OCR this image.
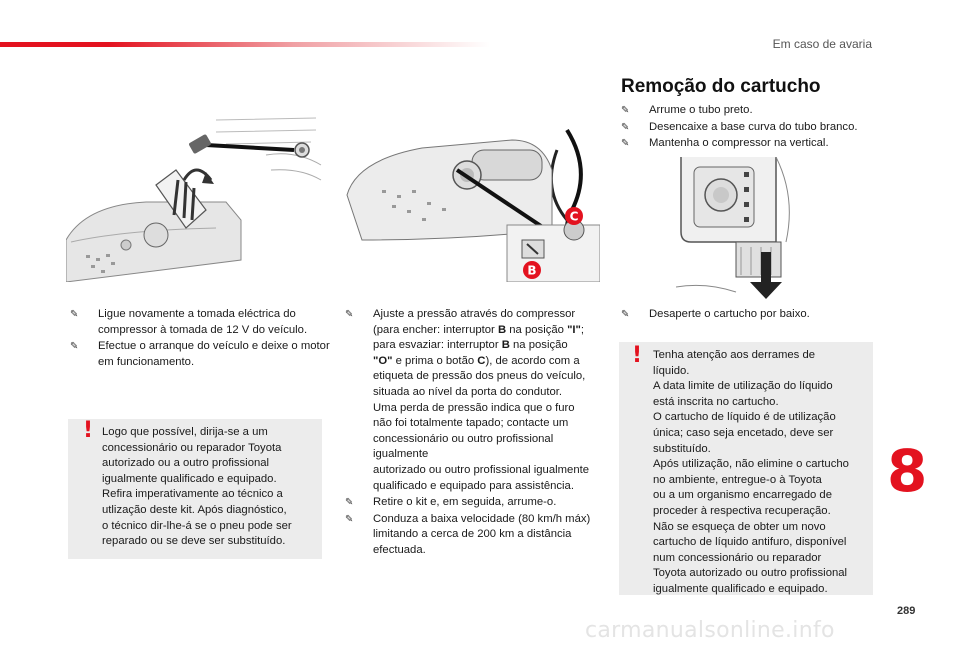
Em caso de avaria
C
B
✎ Ligue novamente a tomada eléctrica do compressor à tomada de 12 V do veículo.
✎ Efectue o arranque do veículo e deixe o motor em funcionamento.
! Logo que possível, dirija-se a um

concessionário ou reparador Toyota

autorizado ou a outro profissional

igualmente qualificado e equipado.

Refira imperativamente ao técnico a

utlização deste kit. Após diagnóstico,

o técnico dir-lhe-á se o pneu pode ser

reparado ou se deve ser substituído.

✎ Ajuste a pressão através do compressor
(para encher: interruptor B na posição "I";
para esvaziar: interruptor B na posição
"O" e prima o botão C), de acordo com a
etiqueta de pressão dos pneus do veículo,
situada ao nível da porta do condutor.
Uma perda de pressão indica que o furo
não foi totalmente tapado; contacte um
concessionário ou outro profissional igualmente
autorizado ou outro profissional igualmente
qualificado e equipado para assistência.
✎ Retire o kit e, em seguida, arrume-o.
✎ Conduza a baixa velocidade (80 km/h máx)
limitando a cerca de 200 km a distância
efectuada.
Remoção do cartucho
✎ Arrume o tubo preto.
✎ Desencaixe a base curva do tubo branco.
✎ Mantenha o compressor na vertical.
✎ Desaperte o cartucho por baixo.
! Tenha atenção aos derrames de

líquido.

A data limite de utilização do líquido

está inscrita no cartucho.

O cartucho de líquido é de utilização

única; caso seja encetado, deve ser

substituído.

Após utilização, não elimine o cartucho

no ambiente, entregue-o à Toyota

ou a um organismo encarregado de

proceder à respectiva recuperação.

Não se esqueça de obter um novo

cartucho de líquido antifuro, disponível

num concessionário ou reparador

Toyota autorizado ou outro profissional

igualmente qualificado e equipado.

8
289
carmanualsonline.info
